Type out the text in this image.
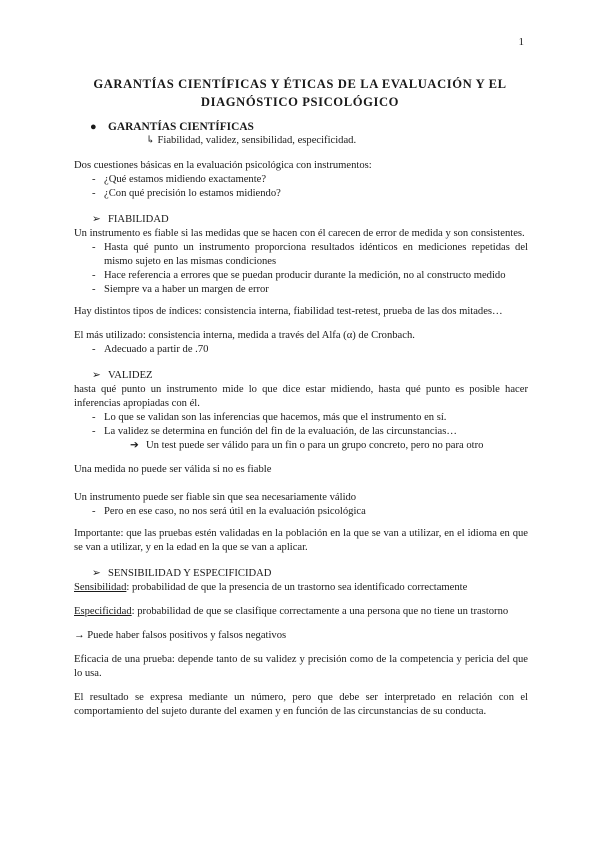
1
GARANTÍAS CIENTÍFICAS Y ÉTICAS DE LA EVALUACIÓN Y EL DIAGNÓSTICO PSICOLÓGICO

● GARANTÍAS CIENTÍFICAS

↳ Fiabilidad, validez, sensibilidad, especificidad.

Dos cuestiones básicas en la evaluación psicológica con instrumentos:

- ¿Qué estamos midiendo exactamente?
- ¿Con qué precisión lo estamos midiendo?

➢ FIABILIDAD

Un instrumento es fiable si las medidas que se hacen con él carecen de error de medida y son consistentes.

- Hasta qué punto un instrumento proporciona resultados idénticos en mediciones repetidas del mismo sujeto en las mismas condiciones
- Hace referencia a errores que se puedan producir durante la medición, no al constructo medido
- Siempre va a haber un margen de error

Hay distintos tipos de índices: consistencia interna, fiabilidad test-retest, prueba de las dos mitades…

El más utilizado: consistencia interna, medida a través del Alfa (α) de Cronbach.

- Adecuado a partir de .70

➢ VALIDEZ

hasta qué punto un instrumento mide lo que dice estar midiendo, hasta qué punto es posible hacer inferencias apropiadas con él.

- Lo que se validan son las inferencias que hacemos, más que el instrumento en sí.
- La validez se determina en función del fin de la evaluación, de las circunstancias…

➔ Un test puede ser válido para un fin o para un grupo concreto, pero no para otro

Una medida no puede ser válida si no es fiable

Un instrumento puede ser fiable sin que sea necesariamente válido

- Pero en ese caso, no nos será útil en la evaluación psicológica

Importante: que las pruebas estén validadas en la población en la que se van a utilizar, en el idioma en que se van a utilizar, y en la edad en la que se van a aplicar.

➢ SENSIBILIDAD Y ESPECIFICIDAD

Sensibilidad: probabilidad de que la presencia de un trastorno sea identificado correctamente

Especificidad: probabilidad de que se clasifique correctamente a una persona que no tiene un trastorno

→ Puede haber falsos positivos y falsos negativos

Eficacia de una prueba: depende tanto de su validez y precisión como de la competencia y pericia del que lo usa.

El resultado se expresa mediante un número, pero que debe ser interpretado en relación con el comportamiento del sujeto durante del examen y en función de las circunstancias de su conducta.
